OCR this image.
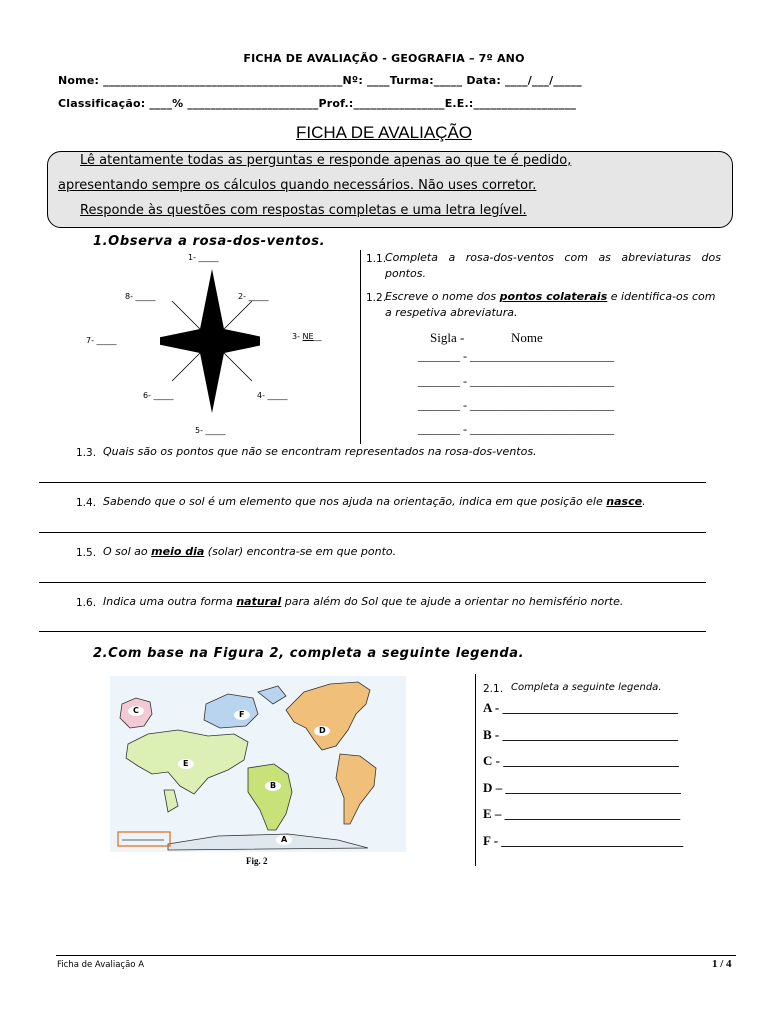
FICHA DE AVALIAÇÃO - GEOGRAFIA – 7º ANO
Nome: __________________________________________Nº: ____Turma:_____ Data: ____/___/_____
Classificação: ____% _______________________Prof.:________________E.E.:__________________
FICHA DE AVALIAÇÃO
Lê atentamente todas as perguntas e responde apenas ao que te é pedido,
apresentando sempre os cálculos quando necessários. Não uses corretor.
Responde às questões com respostas completas e uma letra legível.
1.Observa a rosa-dos-ventos.
1- _____
2- _____
3- NE__
4- _____
5- _____
6- _____
7- _____
8- _____
1.1.
Completa a rosa-dos-ventos com as abreviaturas dos
pontos.
1.2.
Escreve o nome dos pontos colaterais e identifica-os com
a respetiva abreviatura.
Sigla -	Nome
_______ - ________________________
_______ - ________________________
_______ - ________________________
_______ - ________________________
1.3. Quais são os pontos que não se encontram representados na rosa-dos-ventos.
1.4. Sabendo que o sol é um elemento que nos ajuda na orientação, indica em que posição ele nasce.
1.5. O sol ao meio dia (solar) encontra-se em que ponto.
1.6. Indica uma outra forma natural para além do Sol que te ajude a orientar no hemisfério norte.
2.Com base na Figura 2, completa a seguinte legenda.
C	F
D
E
B
A
Fig. 2
2.1. Completa a seguinte legenda.
A - ___________________________
B - ___________________________
C - ___________________________
D – ___________________________
E – ___________________________
F - ____________________________
Ficha de Avaliação A	1 / 4
